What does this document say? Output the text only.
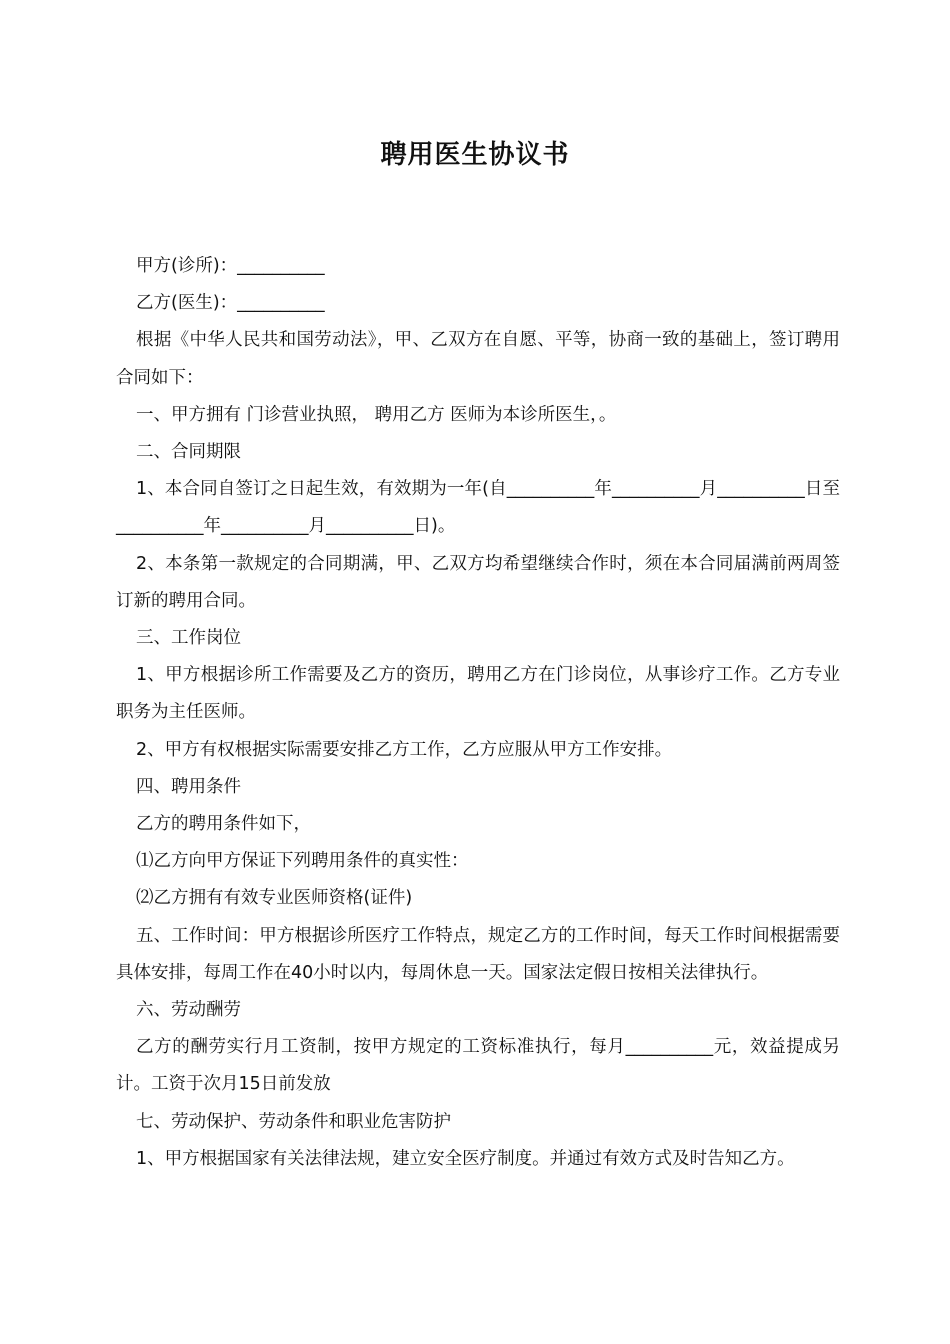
聘用医生协议书

甲方(诊所)：__________

乙方(医生)：__________

根据《中华人民共和国劳动法》，甲、乙双方在自愿、平等，协商一致的基础上，签订聘用合同如下：

一、甲方拥有 门诊营业执照， 聘用乙方 医师为本诊所医生，。

二、合同期限

1、本合同自签订之日起生效，有效期为一年(自__________年__________月__________日至__________年__________月__________日)。

2、本条第一款规定的合同期满，甲、乙双方均希望继续合作时，须在本合同届满前两周签订新的聘用合同。

三、工作岗位

1、甲方根据诊所工作需要及乙方的资历，聘用乙方在门诊岗位，从事诊疗工作。乙方专业职务为主任医师。

2、甲方有权根据实际需要安排乙方工作，乙方应服从甲方工作安排。

四、聘用条件

乙方的聘用条件如下，

⑴乙方向甲方保证下列聘用条件的真实性：

⑵乙方拥有有效专业医师资格(证件)

五、工作时间：甲方根据诊所医疗工作特点，规定乙方的工作时间，每天工作时间根据需要具体安排，每周工作在40小时以内，每周休息一天。国家法定假日按相关法律执行。

六、劳动酬劳

乙方的酬劳实行月工资制，按甲方规定的工资标准执行，每月__________元，效益提成另计。工资于次月15日前发放

七、劳动保护、劳动条件和职业危害防护

1、甲方根据国家有关法律法规，建立安全医疗制度。并通过有效方式及时告知乙方。
